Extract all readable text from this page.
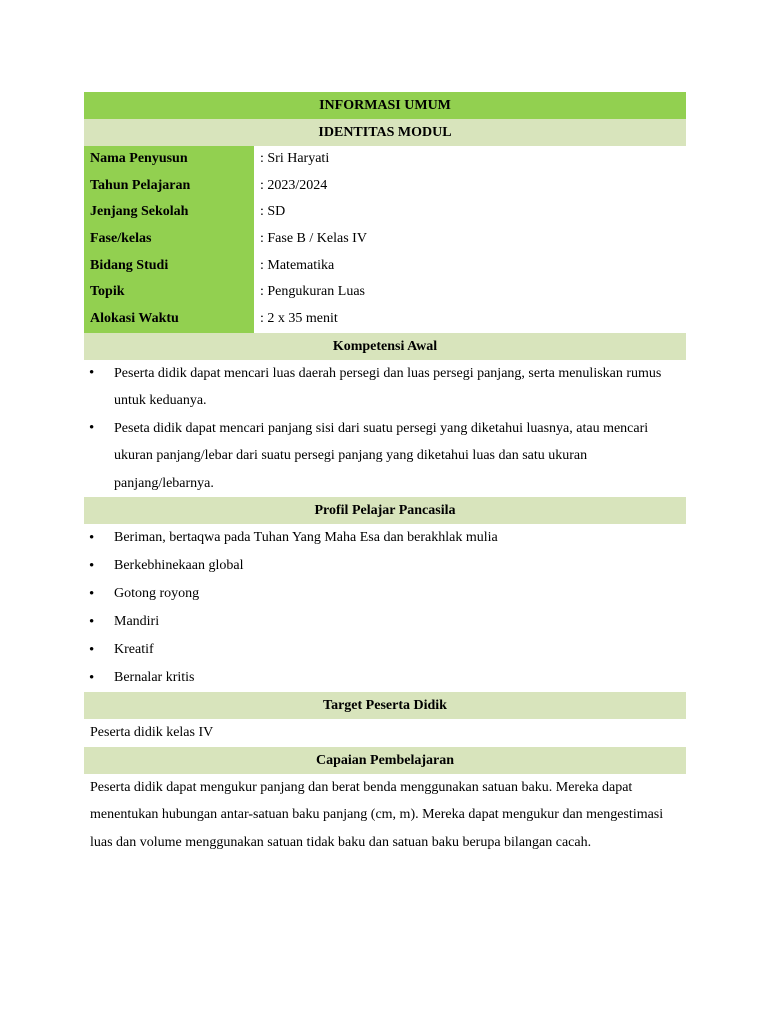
INFORMASI UMUM
IDENTITAS MODUL
Nama Penyusun
Tahun Pelajaran
Jenjang Sekolah
Fase/kelas
Bidang Studi
Topik
Alokasi Waktu
: Sri Haryati
: 2023/2024
: SD
: Fase B / Kelas IV
: Matematika
: Pengukuran Luas
: 2 x 35 menit
Kompetensi Awal
• Peserta didik dapat mencari luas daerah persegi dan luas persegi panjang, serta menuliskan rumus untuk keduanya.
• Peseta didik dapat mencari panjang sisi dari suatu persegi yang diketahui luasnya, atau mencari ukuran panjang/lebar dari suatu persegi panjang yang diketahui luas dan satu ukuran panjang/lebarnya.
Profil Pelajar Pancasila
• Beriman, bertaqwa pada Tuhan Yang Maha Esa dan berakhlak mulia
• Berkebhinekaan global
• Gotong royong
• Mandiri
• Kreatif
• Bernalar kritis
Target Peserta Didik
Peserta didik kelas IV
Capaian Pembelajaran
Peserta didik dapat mengukur panjang dan berat benda menggunakan satuan baku. Mereka dapat menentukan hubungan antar-satuan baku panjang (cm, m). Mereka dapat mengukur dan mengestimasi luas dan volume menggunakan satuan tidak baku dan satuan baku berupa bilangan cacah.
